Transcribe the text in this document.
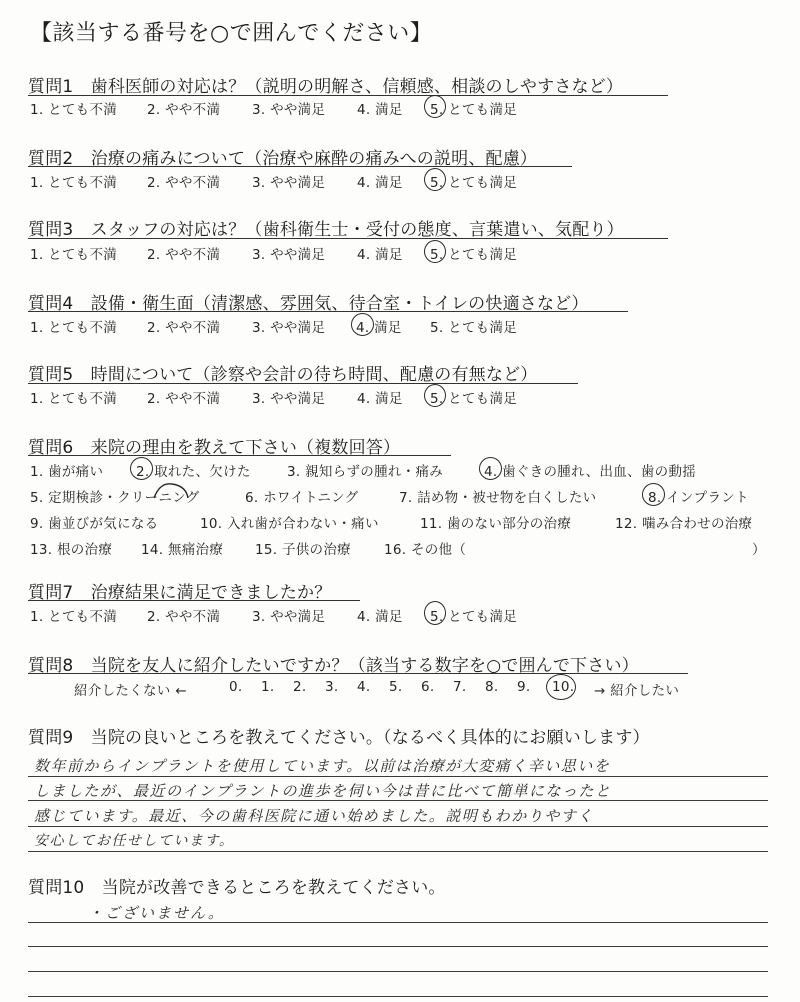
【該当する番号を○で囲んでください】
質問1　歯科医師の対応は？（説明の明解さ、信頼感、相談のしやすさなど）
1. とても不満 2. やや不満 3. やや満足 4. 満足 5. とても満足
質問2　治療の痛みについて（治療や麻酔の痛みへの説明、配慮）
1. とても不満 2. やや不満 3. やや満足 4. 満足 5. とても満足
質問3　スタッフの対応は？（歯科衛生士・受付の態度、言葉遣い、気配り）
1. とても不満 2. やや不満 3. やや満足 4. 満足 5. とても満足
質問4　設備・衛生面（清潔感、雰囲気、待合室・トイレの快適さなど）
1. とても不満 2. やや不満 3. やや満足 4. 満足 5. とても満足
質問5　時間について（診察や会計の待ち時間、配慮の有無など）
1. とても不満 2. やや不満 3. やや満足 4. 満足 5. とても満足
質問6　来院の理由を教えて下さい（複数回答）
1. 歯が痛い 2. 取れた、欠けた	3. 親知らずの腫れ・痛み	4. 歯ぐきの腫れ、出血、歯の動揺
5. 定期検診・クリーニング	6. ホワイトニング	7. 詰め物・被せ物を白くしたい	8. インプラント
9. 歯並びが気になる	10. 入れ歯が合わない・痛い	11. 歯のない部分の治療	12. 噛み合わせの治療
13. 根の治療 14. 無痛治療 15. 子供の治療 16. その他（	）
質問7　治療結果に満足できましたか？
1. とても不満 2. やや不満 3. やや満足 4. 満足 5. とても満足
質問8　当院を友人に紹介したいですか？（該当する数字を○で囲んで下さい）
紹介したくない ←	0. 1. 2. 3. 4. 5. 6. 7. 8. 9. 10. → 紹介したい
質問9　当院の良いところを教えてください。（なるべく具体的にお願いします）
数年前からインプラントを使用しています。以前は治療が大変痛く辛い思いを
しましたが、最近のインプラントの進歩を伺い今は昔に比べて簡単になったと
感じています。最近、今の歯科医院に通い始めました。説明もわかりやすく
安心してお任せしています。
質問10　当院が改善できるところを教えてください。
・ございません。
